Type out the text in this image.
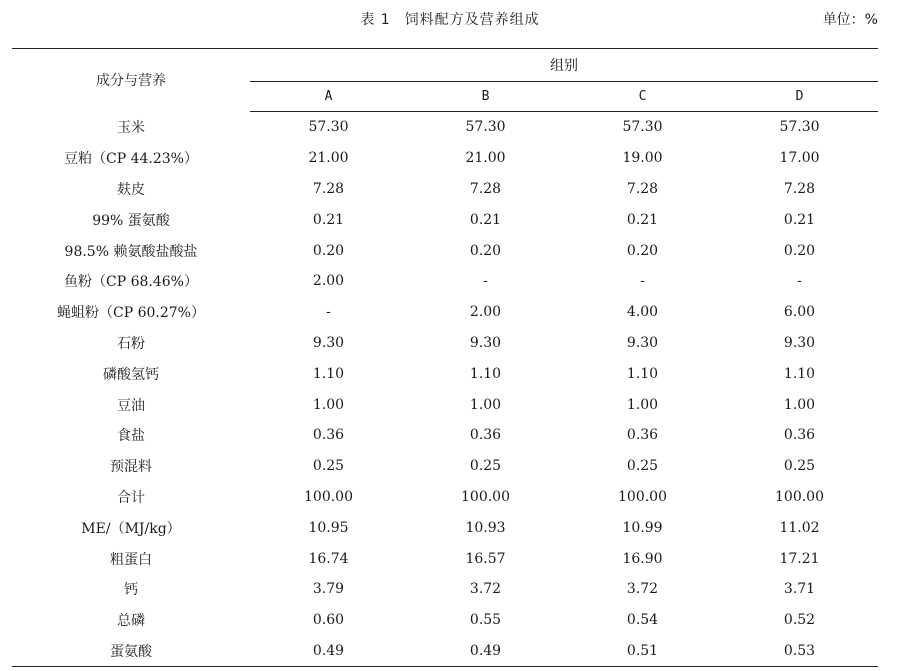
表 1 饲料配方及营养组成	单位：%
成分与营养	组别			
	A	B	C	D
玉米	57.30	57.30	57.30	57.30
豆粕（CP 44.23%）	21.00	21.00	19.00	17.00
麸皮	7.28	7.28	7.28	7.28
99% 蛋氨酸	0.21	0.21	0.21	0.21
98.5% 赖氨酸盐酸盐	0.20	0.20	0.20	0.20
鱼粉（CP 68.46%）	2.00	-	-	-
蝇蛆粉（CP 60.27%）	-	2.00	4.00	6.00
石粉	9.30	9.30	9.30	9.30
磷酸氢钙	1.10	1.10	1.10	1.10
豆油	1.00	1.00	1.00	1.00
食盐	0.36	0.36	0.36	0.36
预混料	0.25	0.25	0.25	0.25
合计	100.00	100.00	100.00	100.00
ME/（MJ/kg）	10.95	10.93	10.99	11.02
粗蛋白	16.74	16.57	16.90	17.21
钙	3.79	3.72	3.72	3.71
总磷	0.60	0.55	0.54	0.52
蛋氨酸	0.49	0.49	0.51	0.53
